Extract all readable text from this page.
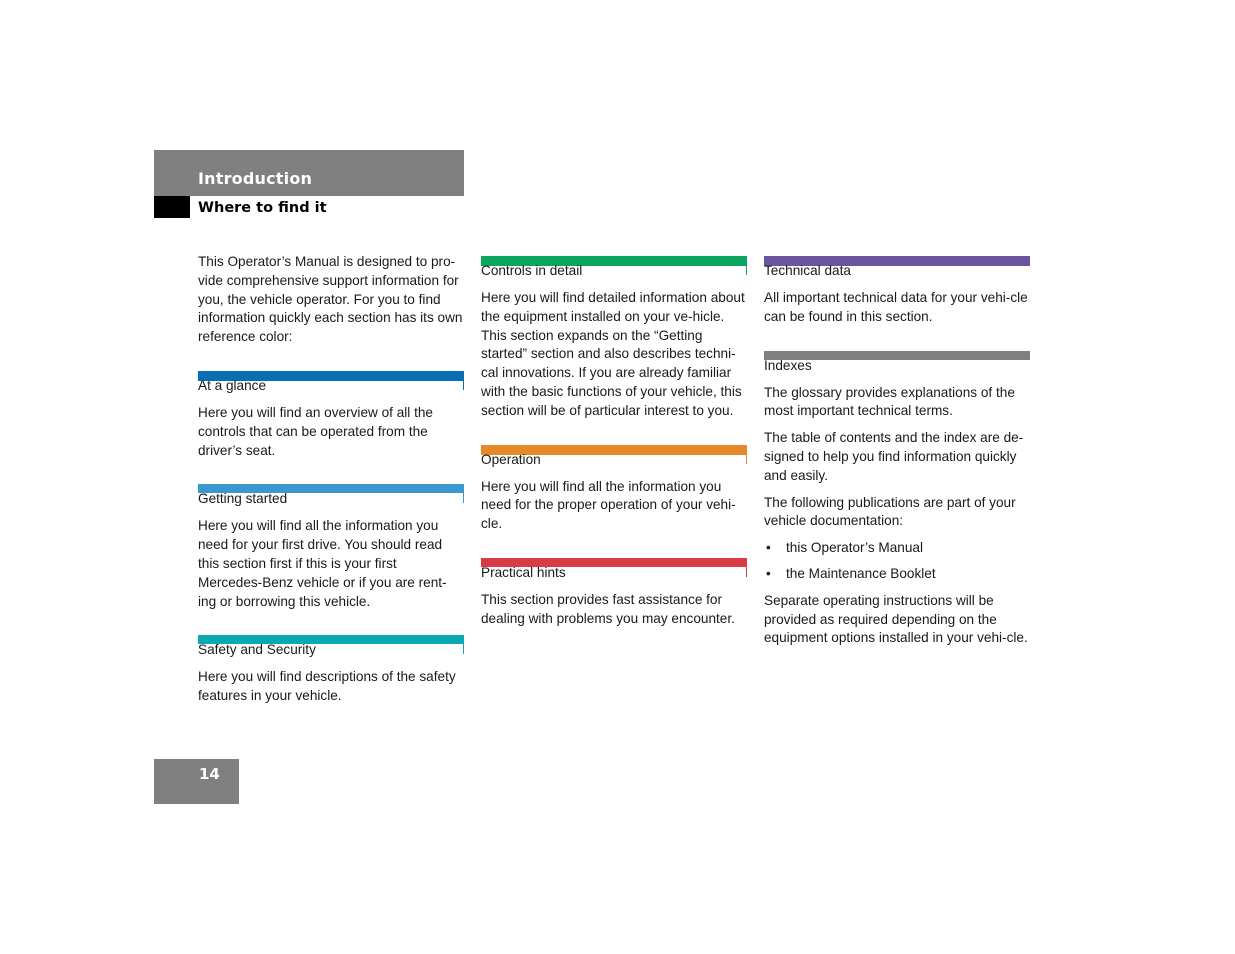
Introduction
Where to find it

This Operator’s Manual is designed to pro-vide comprehensive support information for you, the vehicle operator. For you to find information quickly each section has its own reference color:

At a glance

Here you will find an overview of all the controls that can be operated from the driver’s seat.

Getting started

Here you will find all the information you need for your first drive. You should read this section first if this is your first Mercedes-Benz vehicle or if you are rent-ing or borrowing this vehicle.

Safety and Security

Here you will find descriptions of the safety features in your vehicle.

Controls in detail

Here you will find detailed information about the equipment installed on your ve-hicle. This section expands on the “Getting started” section and also describes techni-cal innovations. If you are already familiar with the basic functions of your vehicle, this section will be of particular interest to you.

Operation

Here you will find all the information you need for the proper operation of your vehi-cle.

Practical hints

This section provides fast assistance for dealing with problems you may encounter.

Technical data

All important technical data for your vehi-cle can be found in this section.

Indexes

The glossary provides explanations of the most important technical terms.

The table of contents and the index are de-signed to help you find information quickly and easily.

The following publications are part of your vehicle documentation:

• this Operator’s Manual
• the Maintenance Booklet

Separate operating instructions will be provided as required depending on the equipment options installed in your vehi-cle.

14
